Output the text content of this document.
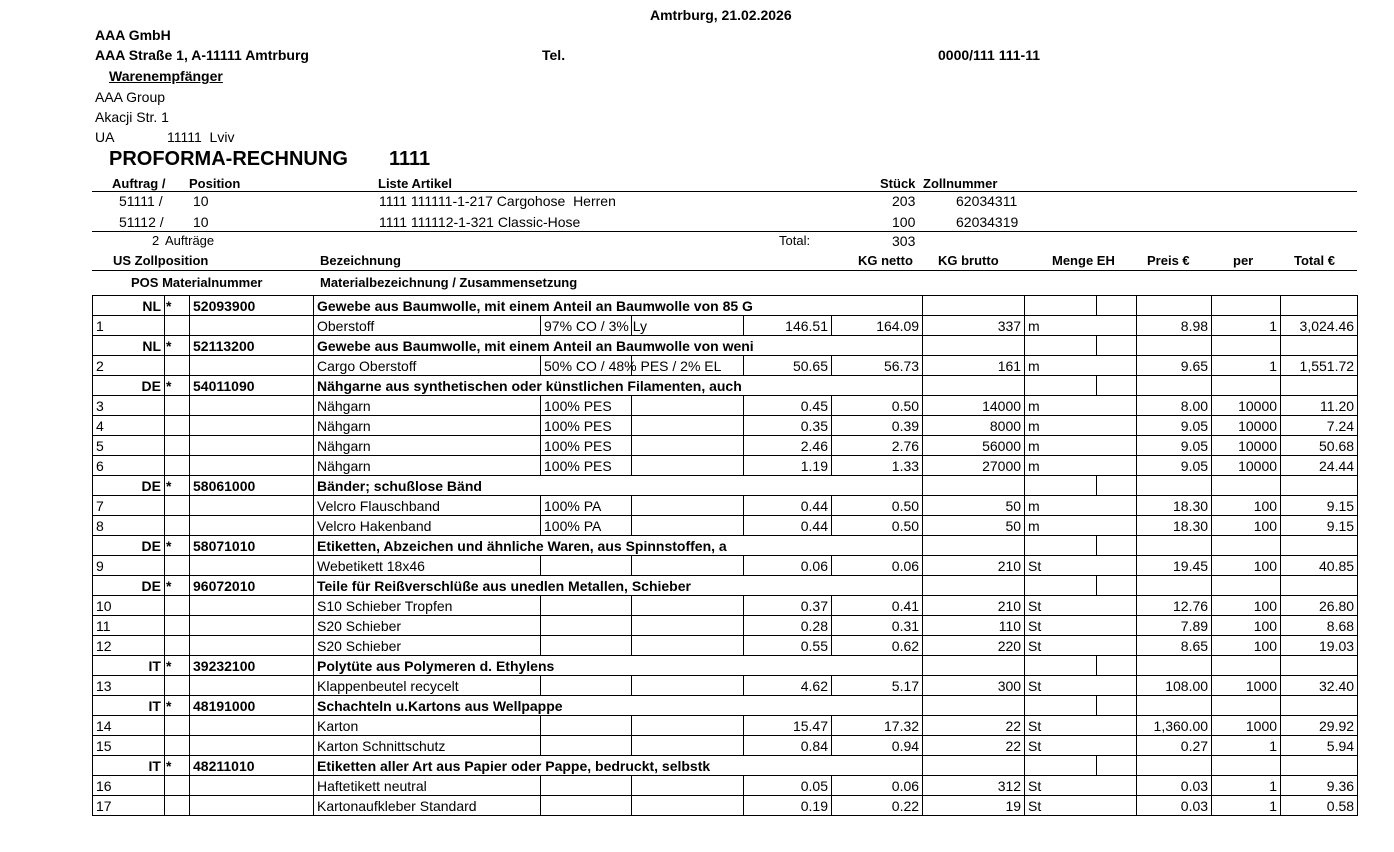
Amtrburg, 21.02.2026
AAA GmbH
AAA Straße 1, A-11111 Amtrburg	Tel.	0000/111 111-11
Warenempfänger
AAA Group
Akacji Str. 1
UA	11111  Lviv
PROFORMA-RECHNUNG 1111
Auftrag / Position	Liste Artikel	Stück Zollnummer
51111 / 10	1111 111111-1-217 Cargohose  Herren	203	62034311
51112 / 10	1111 111112-1-321 Classic-Hose	100	62034319
2 Aufträge	Total:	303
US Zollposition	Bezeichnung	KG netto KG brutto	Menge EH Preis €	per	Total €
POS Materialnummer	Materialbezeichnung / Zusammensetzung
NL	*	52093900	Gewebe aus Baumwolle, mit einem Anteil an Baumwolle von 85 G										
1			Oberstoff	97% CO / 3% Ly		146.51	164.09	337	m		8.98	1	3,024.46
NL	*	52113200	Gewebe aus Baumwolle, mit einem Anteil an Baumwolle von weni										
2			Cargo Oberstoff	50% CO / 48% PES / 2% EL		50.65	56.73	161	m		9.65	1	1,551.72
DE	*	54011090	Nähgarne aus synthetischen oder künstlichen Filamenten, auch										
3			Nähgarn	100% PES		0.45	0.50	14000	m		8.00	10000	11.20
4			Nähgarn	100% PES		0.35	0.39	8000	m		9.05	10000	7.24
5			Nähgarn	100% PES		2.46	2.76	56000	m		9.05	10000	50.68
6			Nähgarn	100% PES		1.19	1.33	27000	m		9.05	10000	24.44
DE	*	58061000	Bänder; schußlose Bänd										
7			Velcro Flauschband	100% PA		0.44	0.50	50	m		18.30	100	9.15
8			Velcro Hakenband	100% PA		0.44	0.50	50	m		18.30	100	9.15
DE	*	58071010	Etiketten, Abzeichen und ähnliche Waren, aus Spinnstoffen, a										
9			Webetikett 18x46			0.06	0.06	210	St		19.45	100	40.85
DE	*	96072010	Teile für Reißverschlüße aus unedlen Metallen, Schieber										
10			S10 Schieber Tropfen			0.37	0.41	210	St		12.76	100	26.80
11			S20 Schieber			0.28	0.31	110	St		7.89	100	8.68
12			S20 Schieber			0.55	0.62	220	St		8.65	100	19.03
IT	*	39232100	Polytüte aus Polymeren d. Ethylens										
13			Klappenbeutel recycelt			4.62	5.17	300	St		108.00	1000	32.40
IT	*	48191000	Schachteln u.Kartons aus Wellpappe										
14			Karton			15.47	17.32	22	St		1,360.00	1000	29.92
15			Karton Schnittschutz			0.84	0.94	22	St		0.27	1	5.94
IT	*	48211010	Etiketten aller Art aus Papier oder Pappe, bedruckt, selbstk										
16			Haftetikett neutral			0.05	0.06	312	St		0.03	1	9.36
17			Kartonaufkleber Standard			0.19	0.22	19	St		0.03	1	0.58
